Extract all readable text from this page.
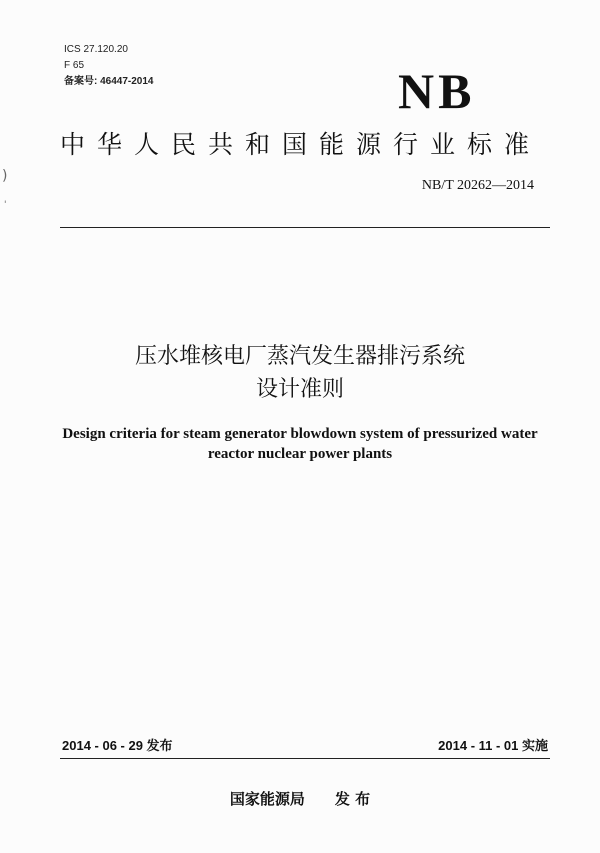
)
'
ICS 27.120.20
F 65
备案号: 46447-2014	NB
中华人民共和国能源行业标准
NB/T 20262—2014
压水堆核电厂蒸汽发生器排污系统
设计准则
Design criteria for steam generator blowdown system of pressurized water
reactor nuclear power plants
2014 - 06 - 29 发布	2014 - 11 - 01 实施
国家能源局 发 布
